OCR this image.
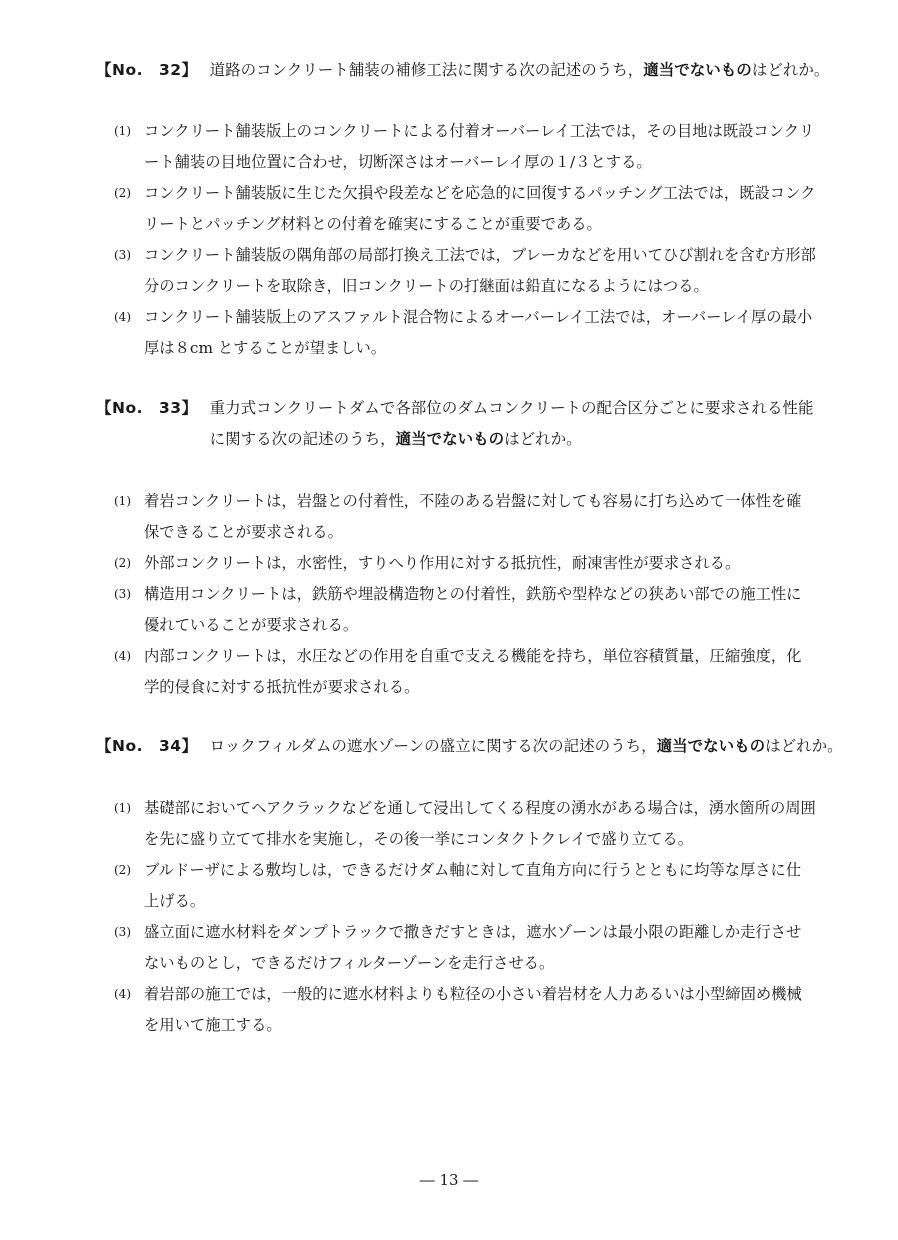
【No.　32】 道路のコンクリート舗装の補修工法に関する次の記述のうち，適当でないものはどれか。
(1) コンクリート舗装版上のコンクリートによる付着オーバーレイ工法では，その目地は既設コンクリート舗装の目地位置に合わせ，切断深さはオーバーレイ厚の１/３とする。
(2) コンクリート舗装版に生じた欠損や段差などを応急的に回復するパッチング工法では，既設コンクリートとパッチング材料との付着を確実にすることが重要である。
(3) コンクリート舗装版の隅角部の局部打換え工法では，ブレーカなどを用いてひび割れを含む方形部分のコンクリートを取除き，旧コンクリートの打継面は鉛直になるようにはつる。
(4) コンクリート舗装版上のアスファルト混合物によるオーバーレイ工法では，オーバーレイ厚の最小厚は８cm とすることが望ましい。
【No.　33】 重力式コンクリートダムで各部位のダムコンクリートの配合区分ごとに要求される性能に関する次の記述のうち，適当でないものはどれか。
(1) 着岩コンクリートは，岩盤との付着性，不陸のある岩盤に対しても容易に打ち込めて一体性を確保できることが要求される。
(2) 外部コンクリートは，水密性，すりへり作用に対する抵抗性，耐凍害性が要求される。
(3) 構造用コンクリートは，鉄筋や埋設構造物との付着性，鉄筋や型枠などの狭あい部での施工性に優れていることが要求される。
(4) 内部コンクリートは，水圧などの作用を自重で支える機能を持ち，単位容積質量，圧縮強度，化学的侵食に対する抵抗性が要求される。
【No.　34】 ロックフィルダムの遮水ゾーンの盛立に関する次の記述のうち，適当でないものはどれか。
(1) 基礎部においてヘアクラックなどを通して浸出してくる程度の湧水がある場合は，湧水箇所の周囲を先に盛り立てて排水を実施し，その後一挙にコンタクトクレイで盛り立てる。
(2) ブルドーザによる敷均しは，できるだけダム軸に対して直角方向に行うとともに均等な厚さに仕上げる。
(3) 盛立面に遮水材料をダンプトラックで撒きだすときは，遮水ゾーンは最小限の距離しか走行させないものとし，できるだけフィルターゾーンを走行させる。
(4) 着岩部の施工では，一般的に遮水材料よりも粒径の小さい着岩材を人力あるいは小型締固め機械を用いて施工する。
― 13 ―
